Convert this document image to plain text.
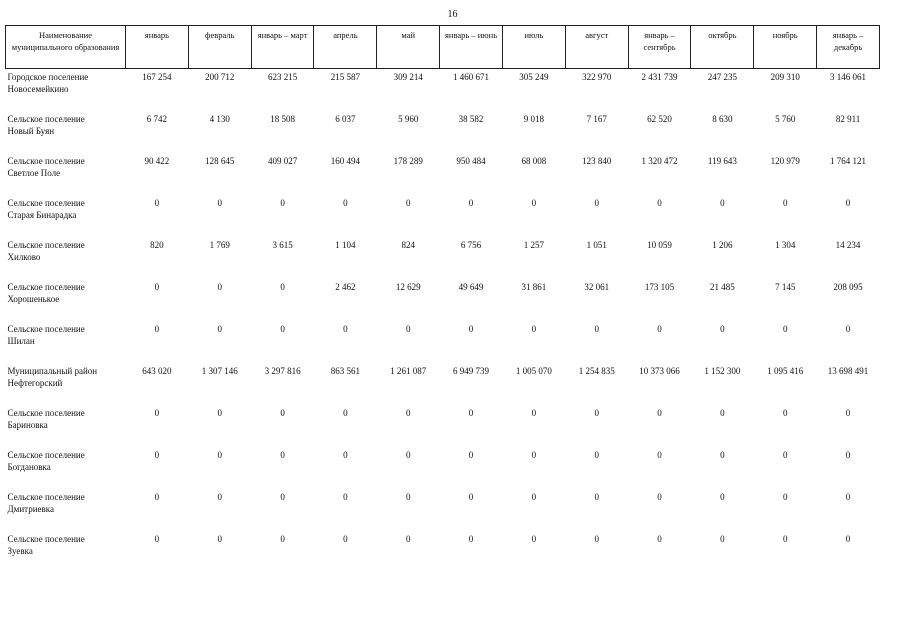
16
Наименование муниципального образования	январь	февраль	январь – март	апрель	май	январь – июнь	июль	август	январь – сентябрь	октябрь	ноябрь	январь – декабрь

Городское поселение
Новосемейкино	167 254	200 712	623 215	215 587	309 214	1 460 671	305 249	322 970	2 431 739	247 235	209 310	3 146 061

Сельское поселение
Новый Буян	6 742	4 130	18 508	6 037	5 960	38 582	9 018	7 167	62 520	8 630	5 760	82 911

Сельское поселение
Светлое Поле	90 422	128 645	409 027	160 494	178 289	950 484	68 008	123 840	1 320 472	119 643	120 979	1 764 121

Сельское поселение
Старая Бинарадка	0	0	0	0	0	0	0	0	0	0	0	0

Сельское поселение
Хилково	820	1 769	3 615	1 104	824	6 756	1 257	1 051	10 059	1 206	1 304	14 234

Сельское поселение
Хорошенькое	0	0	0	2 462	12 629	49 649	31 861	32 061	173 105	21 485	7 145	208 095

Сельское поселение
Шилан	0	0	0	0	0	0	0	0	0	0	0	0

Муниципальный район
Нефтегорский	643 020	1 307 146	3 297 816	863 561	1 261 087	6 949 739	1 005 070	1 254 835	10 373 066	1 152 300	1 095 416	13 698 491

Сельское поселение
Бариновка	0	0	0	0	0	0	0	0	0	0	0	0

Сельское поселение
Богдановка	0	0	0	0	0	0	0	0	0	0	0	0

Сельское поселение
Дмитриевка	0	0	0	0	0	0	0	0	0	0	0	0

Сельское поселение
Зуевка	0	0	0	0	0	0	0	0	0	0	0	0
